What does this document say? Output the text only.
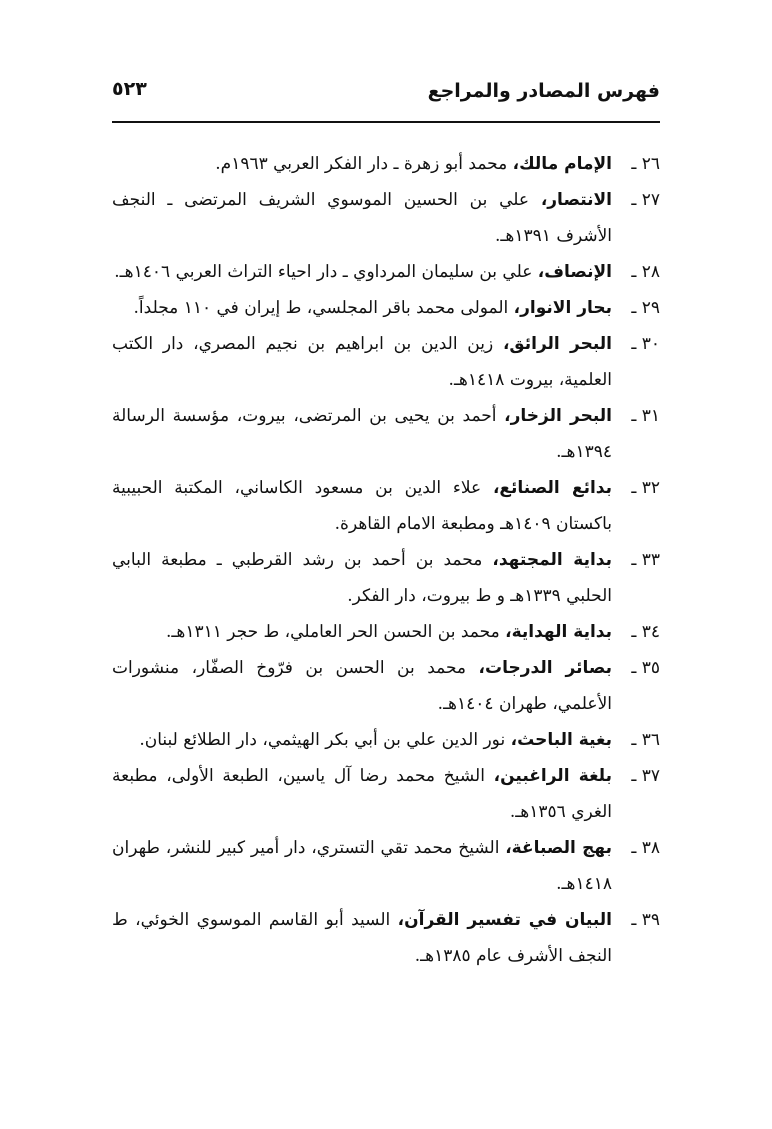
فهرس المصادر والمراجع
٥٢٣
٢٦ ـ
الإمام مالك، محمد أبو زهرة ـ دار الفكر العربي ١٩٦٣م.
٢٧ ـ
الانتصار، علي بن الحسين الموسوي الشريف المرتضى ـ النجف الأشرف ١٣٩١هـ.
٢٨ ـ
الإنصاف، علي بن سليمان المرداوي ـ دار احياء التراث العربي ١٤٠٦هـ.
٢٩ ـ
بحار الانوار، المولى محمد باقر المجلسي، ط إيران في ١١٠ مجلداً.
٣٠ ـ
البحر الرائق، زين الدين بن ابراهيم بن نجيم المصري، دار الكتب العلمية، بيروت ١٤١٨هـ.
٣١ ـ
البحر الزخار، أحمد بن يحيى بن المرتضى، بيروت، مؤسسة الرسالة ١٣٩٤هـ.
٣٢ ـ
بدائع الصنائع، علاء الدين بن مسعود الكاساني، المكتبة الحبيبية باكستان ١٤٠٩هـ ومطبعة الامام القاهرة.
٣٣ ـ
بداية المجتهد، محمد بن أحمد بن رشد القرطبي ـ مطبعة البابي الحلبي ١٣٣٩هـ و ط بيروت، دار الفكر.
٣٤ ـ
بداية الهداية، محمد بن الحسن الحر العاملي، ط حجر ١٣١١هـ.
٣٥ ـ
بصائر الدرجات، محمد بن الحسن بن فرّوخ الصفّار، منشورات الأعلمي، طهران ١٤٠٤هـ.
٣٦ ـ
بغية الباحث، نور الدين علي بن أبي بكر الهيثمي، دار الطلائع لبنان.
٣٧ ـ
بلغة الراغبين، الشيخ محمد رضا آل ياسين، الطبعة الأولى، مطبعة الغري ١٣٥٦هـ.
٣٨ ـ
بهج الصباغة، الشيخ محمد تقي التستري، دار أمير كبير للنشر، طهران ١٤١٨هـ.
٣٩ ـ
البيان في تفسير القرآن، السيد أبو القاسم الموسوي الخوئي، ط النجف الأشرف عام ١٣٨٥هـ.
